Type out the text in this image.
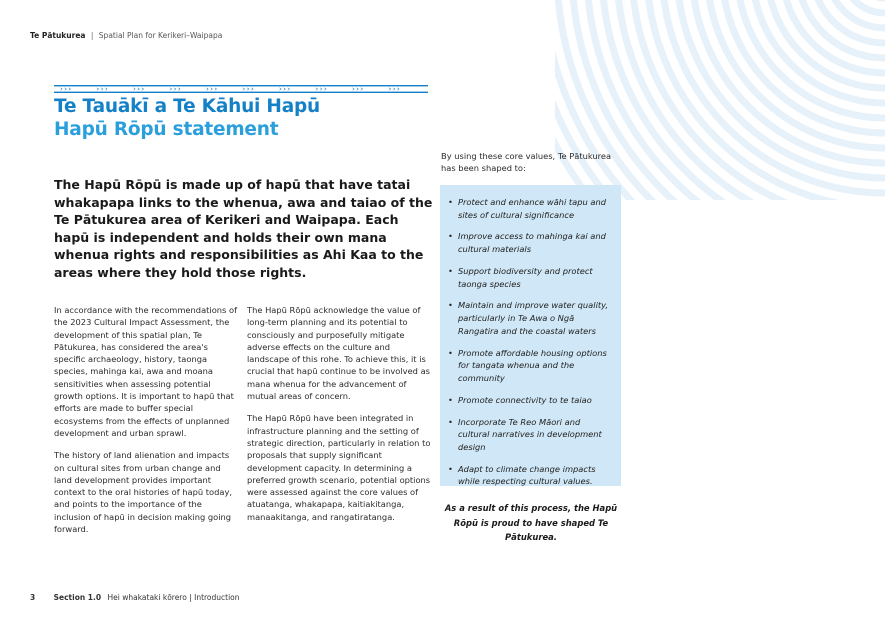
Te Pātukurea | Spatial Plan for Kerikeri–Waipapa
Te Tauākī a Te Kāhui Hapū
Hapū Rōpū statement

The Hapū Rōpū is made up of hapū that have tatai whakapapa links to the whenua, awa and taiao of the Te Pātukurea area of Kerikeri and Waipapa. Each hapū is independent and holds their own mana whenua rights and responsibilities as Ahi Kaa to the areas where they hold those rights.

In accordance with the recommendations of the 2023 Cultural Impact Assessment, the development of this spatial plan, Te Pātukurea, has considered the area's specific archaeology, history, taonga species, mahinga kai, awa and moana sensitivities when assessing potential growth options. It is important to hapū that efforts are made to buffer special ecosystems from the effects of unplanned development and urban sprawl.

The history of land alienation and impacts on cultural sites from urban change and land development provides important context to the oral histories of hapū today, and points to the importance of the inclusion of hapū in decision making going forward.

The Hapū Rōpū acknowledge the value of long-term planning and its potential to consciously and purposefully mitigate adverse effects on the culture and landscape of this rohe. To achieve this, it is crucial that hapū continue to be involved as mana whenua for the advancement of mutual areas of concern.

The Hapū Rōpū have been integrated in infrastructure planning and the setting of strategic direction, particularly in relation to proposals that supply significant development capacity. In determining a preferred growth scenario, potential options were assessed against the core values of atuatanga, whakapapa, kaitiakitanga, manaakitanga, and rangatiratanga.

By using these core values, Te Pātukurea has been shaped to:

• Protect and enhance wāhi tapu and sites of cultural significance
• Improve access to mahinga kai and cultural materials
• Support biodiversity and protect taonga species
• Maintain and improve water quality, particularly in Te Awa o Ngā Rangatira and the coastal waters
• Promote affordable housing options for tangata whenua and the community
• Promote connectivity to te taiao
• Incorporate Te Reo Māori and cultural narratives in development design
• Adapt to climate change impacts while respecting cultural values.

As a result of this process, the Hapū Rōpū is proud to have shaped Te Pātukurea.

3 Section 1.0 Hei whakataki kōrero | Introduction
